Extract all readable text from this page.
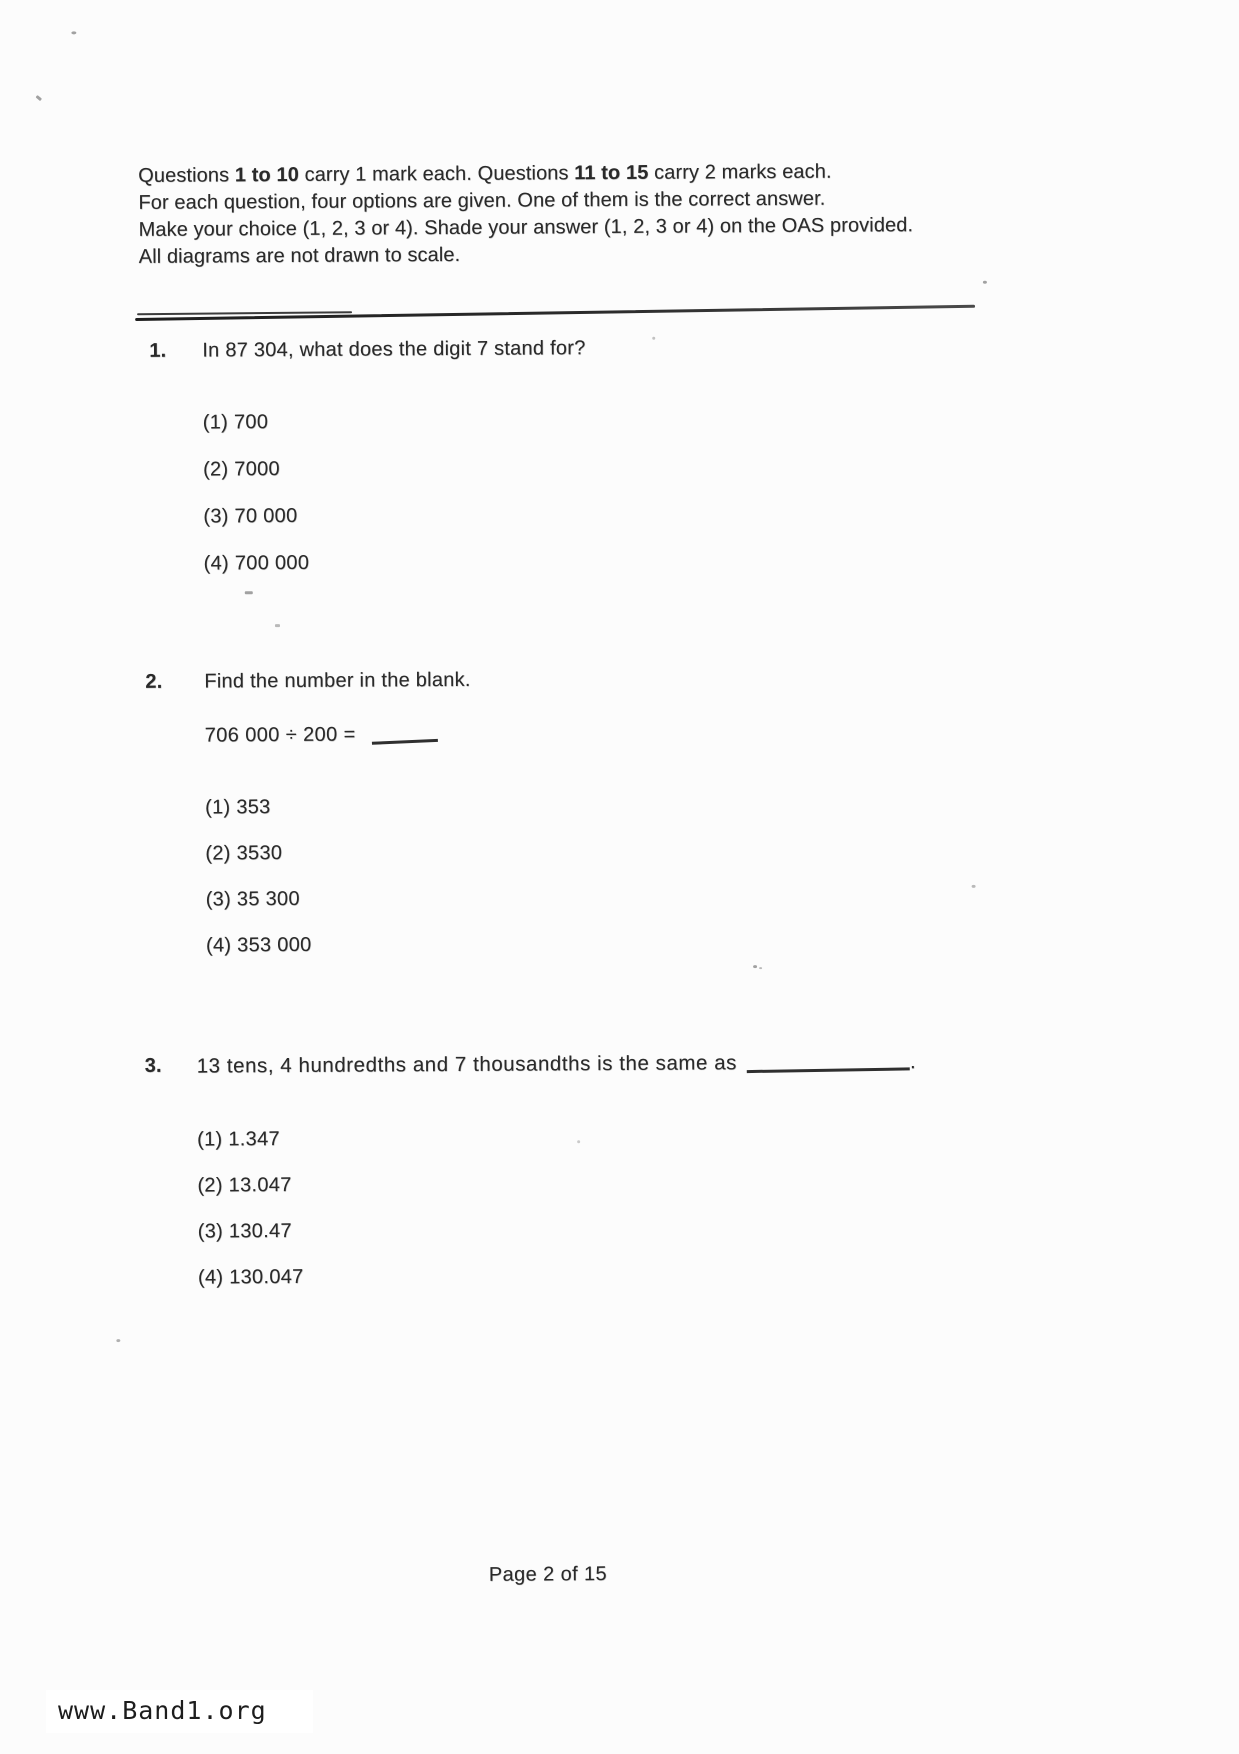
Questions 1 to 10 carry 1 mark each. Questions 11 to 15 carry 2 marks each.
For each question, four options are given. One of them is the correct answer.
Make your choice (1, 2, 3 or 4). Shade your answer (1, 2, 3 or 4) on the OAS provided.
All diagrams are not drawn to scale.
1. In 87 304, what does the digit 7 stand for?
(1) 700
(2) 7000
(3) 70 000
(4) 700 000
2. Find the number in the blank.
706 000 ÷ 200 =
(1) 353
(2) 3530
(3) 35 300
(4) 353 000
3. 13 tens, 4 hundredths and 7 thousandths is the same as	.
(1) 1.347
(2) 13.047
(3) 130.47
(4) 130.047
Page 2 of 15
www.Band1.org
